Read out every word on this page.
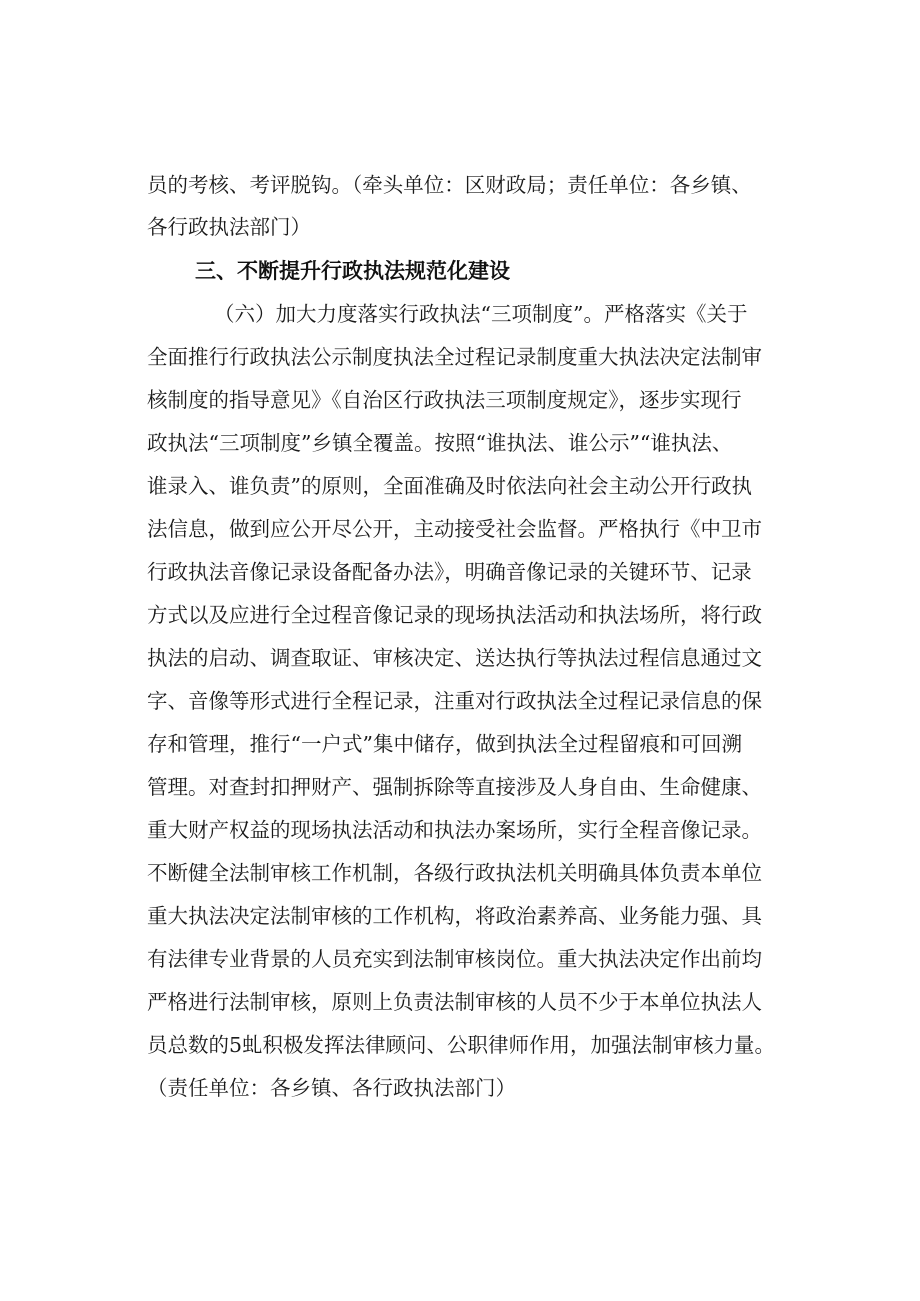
员的考核、考评脱钩。（牵头单位：区财政局；责任单位：各乡镇、
各行政执法部门）
三、不断提升行政执法规范化建设
（六）加大力度落实行政执法“三项制度”。严格落实《关于
全面推行行政执法公示制度执法全过程记录制度重大执法决定法制审
核制度的指导意见》《自治区行政执法三项制度规定》，逐步实现行
政执法“三项制度”乡镇全覆盖。按照“谁执法、谁公示”“谁执法、
谁录入、谁负责”的原则，全面准确及时依法向社会主动公开行政执
法信息，做到应公开尽公开，主动接受社会监督。严格执行《中卫市
行政执法音像记录设备配备办法》，明确音像记录的关键环节、记录
方式以及应进行全过程音像记录的现场执法活动和执法场所，将行政
执法的启动、调查取证、审核决定、送达执行等执法过程信息通过文
字、音像等形式进行全程记录，注重对行政执法全过程记录信息的保
存和管理，推行“一户式”集中储存，做到执法全过程留痕和可回溯
管理。对查封扣押财产、强制拆除等直接涉及人身自由、生命健康、
重大财产权益的现场执法活动和执法办案场所，实行全程音像记录。
不断健全法制审核工作机制，各级行政执法机关明确具体负责本单位
重大执法决定法制审核的工作机构，将政治素养高、业务能力强、具
有法律专业背景的人员充实到法制审核岗位。重大执法决定作出前均
严格进行法制审核，原则上负责法制审核的人员不少于本单位执法人
员总数的5虬积极发挥法律顾问、公职律师作用，加强法制审核力量。
（责任单位：各乡镇、各行政执法部门）
